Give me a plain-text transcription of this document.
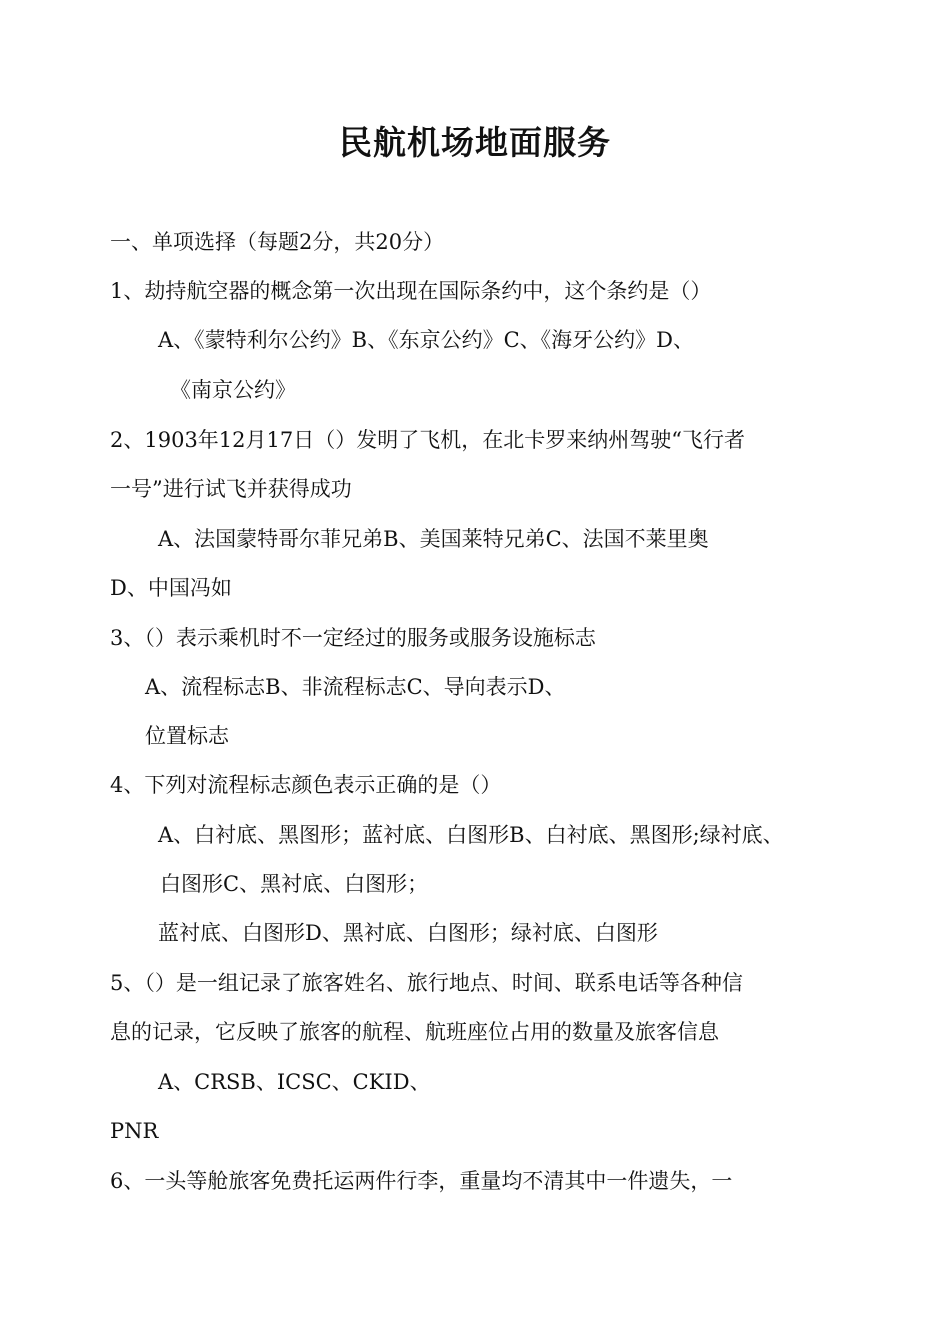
民航机场地面服务
一、单项选择（每题2分，共20分）
1、劫持航空器的概念第一次出现在国际条约中，这个条约是（）
A、《蒙特利尔公约》B、《东京公约》C、《海牙公约》D、
《南京公约》
2、1903年12月17日（）发明了飞机，在北卡罗来纳州驾驶“飞行者
一号”进行试飞并获得成功
A、法国蒙特哥尔菲兄弟B、美国莱特兄弟C、法国不莱里奥
D、中国冯如
3、（）表示乘机时不一定经过的服务或服务设施标志
A、流程标志B、非流程标志C、导向表示D、
位置标志
4、下列对流程标志颜色表示正确的是（）
A、白衬底、黑图形；蓝衬底、白图形B、白衬底、黑图形;绿衬底、
白图形C、黑衬底、白图形；
蓝衬底、白图形D、黑衬底、白图形；绿衬底、白图形
5、（）是一组记录了旅客姓名、旅行地点、时间、联系电话等各种信
息的记录，它反映了旅客的航程、航班座位占用的数量及旅客信息
A、CRSB、ICSC、CKID、
PNR
6、一头等舱旅客免费托运两件行李，重量均不清其中一件遗失，一
